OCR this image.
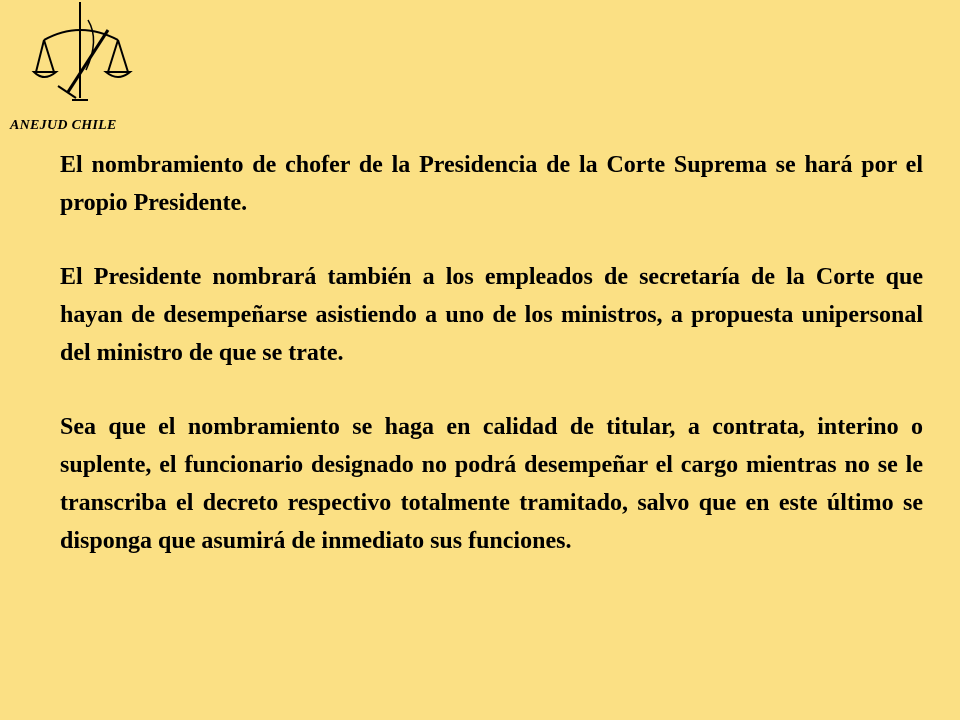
ANEJUD CHILE

El nombramiento de chofer de la Presidencia de la Corte Suprema se hará por el propio Presidente.

El Presidente nombrará también a los empleados de secretaría de la Corte que hayan de desempeñarse asistiendo a uno de los ministros, a propuesta unipersonal del ministro de que se trate.

Sea que el nombramiento se haga en calidad de titular, a contrata, interino o suplente, el funcionario designado no podrá desempeñar el cargo mientras no se le transcriba el decreto respectivo totalmente tramitado, salvo que en este último se disponga que asumirá de inmediato sus funciones.
